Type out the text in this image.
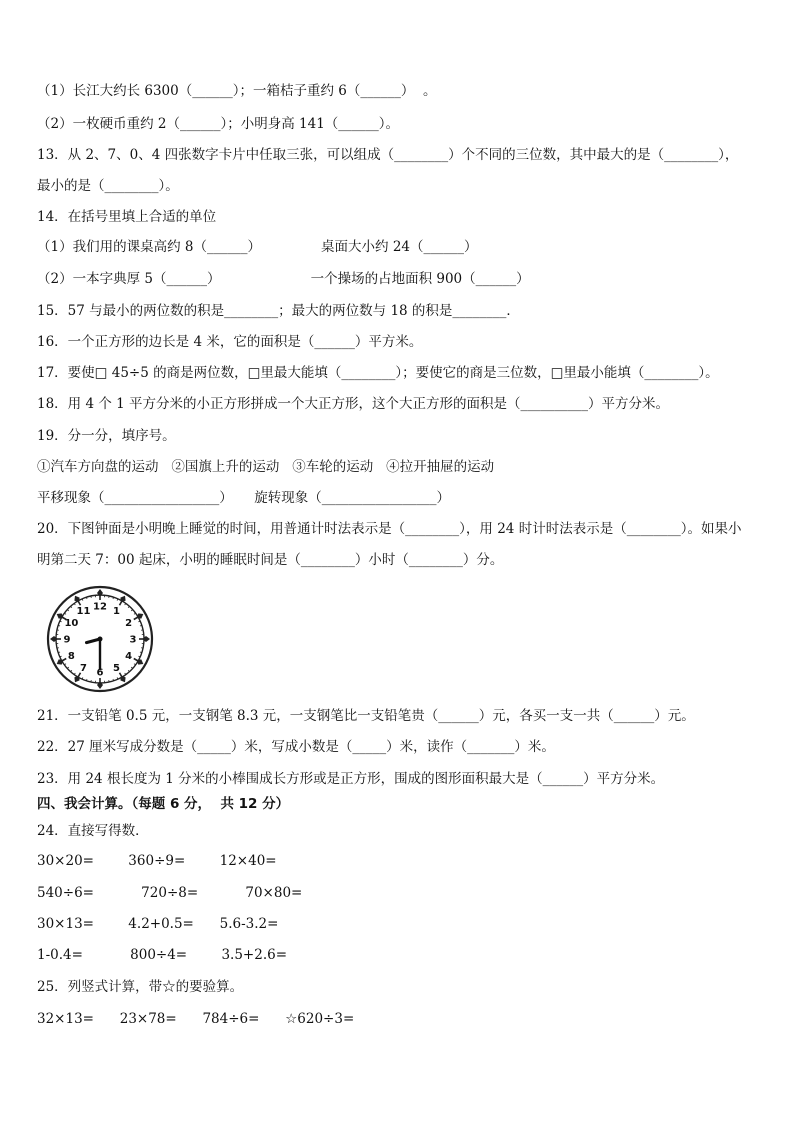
（1）长江大约长 6300（______）；一箱桔子重约 6（______）  。
（2）一枚硬币重约 2（______）；小明身高 141（______）。
13．从 2、7、0、4 四张数字卡片中任取三张，可以组成（________）个不同的三位数，其中最大的是（________），
最小的是（________）。
14．在括号里填上合适的单位
（1）我们用的课桌高约 8（______）              桌面大小约 24（______）
（2）一本字典厚 5（______）                     一个操场的占地面积 900（______）
15．57 与最小的两位数的积是________；最大的两位数与 18 的积是________．
16．一个正方形的边长是 4 米，它的面积是（______）平方米。
17．要使□ 45÷5 的商是两位数，□里最大能填（________）；要使它的商是三位数，□里最小能填（________）。
18．用 4 个 1 平方分米的小正方形拼成一个大正方形，这个大正方形的面积是（__________）平方分米。
19．分一分，填序号。
①汽车方向盘的运动   ②国旗上升的运动   ③车轮的运动   ④拉开抽屉的运动
平移现象（_________________）     旋转现象（_________________）
20．下图钟面是小明晚上睡觉的时间，用普通计时法表示是（________），用 24 时计时法表示是（________）。如果小
明第二天 7：00 起床，小明的睡眠时间是（________）小时（________）分。
21．一支铅笔 0.5 元，一支钢笔 8.3 元，一支钢笔比一支铅笔贵（______）元，各买一支一共（______）元。
22．27 厘米写成分数是（_____）米，写成小数是（_____）米，读作（_______）米。
23．用 24 根长度为 1 分米的小棒围成长方形或是正方形，围成的图形面积最大是（______）平方分米。
四、我会计算。（每题 6 分，  共 12 分）
24．直接写得数．
30×20=        360÷9=        12×40=
540÷6=           720÷8=           70×80=
30×13=        4.2+0.5=      5.6-3.2=
1-0.4=           800÷4=        3.5+2.6=
25．列竖式计算，带☆的要验算。
32×13=      23×78=      784÷6=      ☆620÷3=
12 1
2
3
4
5
6
7
8
9
10
11
